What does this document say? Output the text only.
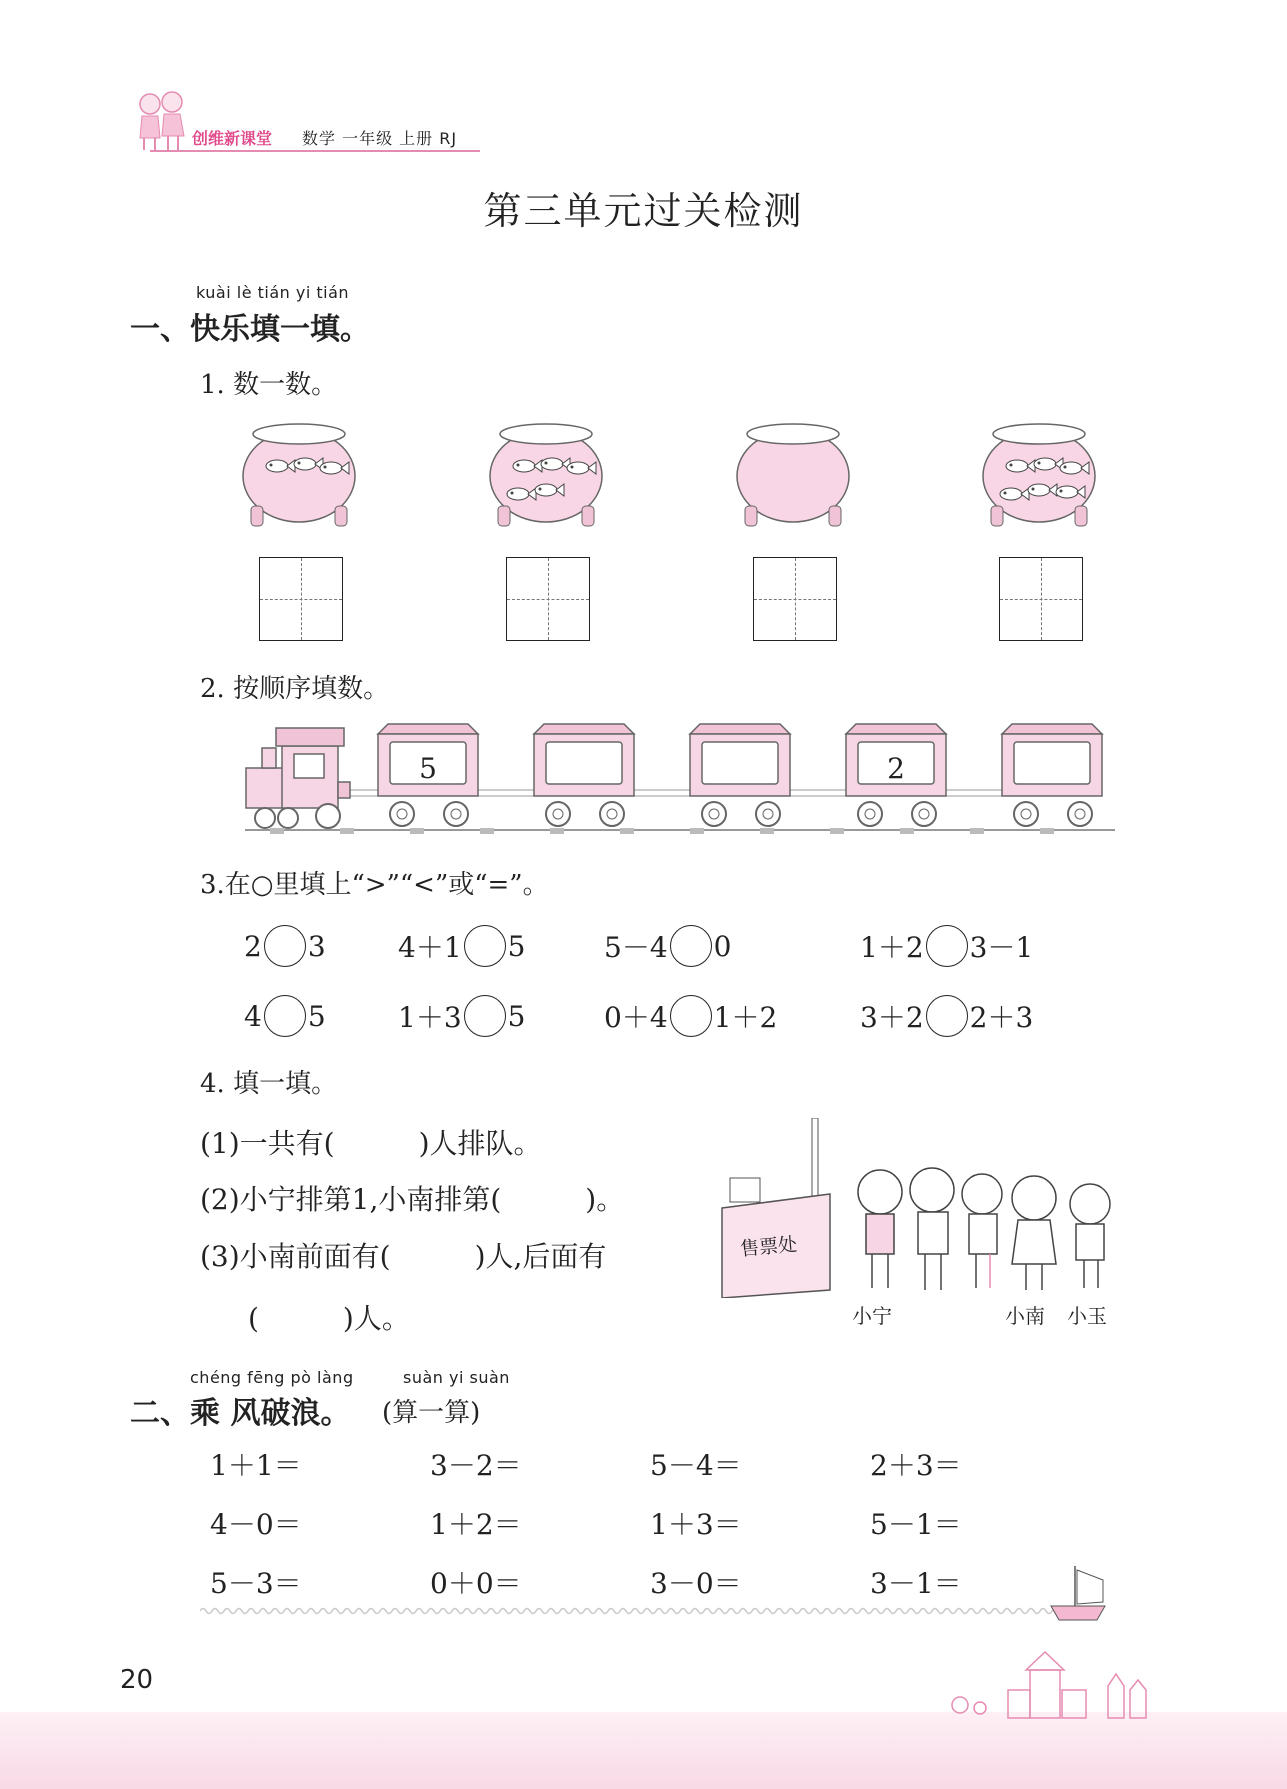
创维新课堂 数学 一年级 上册 RJ
第三单元过关检测
kuài lè tián yi tián
一、快乐填一填。
1. 数一数。
2. 按顺序填数。
5	2
3.在○里填上“>”“<”或“=”。
2 3	4＋1 5	5－4 0	1＋2 3－1
4 5	1＋3 5	0＋4 1＋2	3＋2 2＋3
4. 填一填。
(1)一共有(　　　)人排队。
(2)小宁排第1,小南排第(　　　)。
(3)小南前面有(　　　)人,后面有
(　　　)人。
售票处
小宁	小南 小玉
chéng fēng pò làng	suàn yi suàn
二、乘 风破浪。 (算一算)
1＋1＝	3－2＝	5－4＝	2＋3＝
4－0＝	1＋2＝	1＋3＝	5－1＝
5－3＝	0＋0＝	3－0＝	3－1＝
20
